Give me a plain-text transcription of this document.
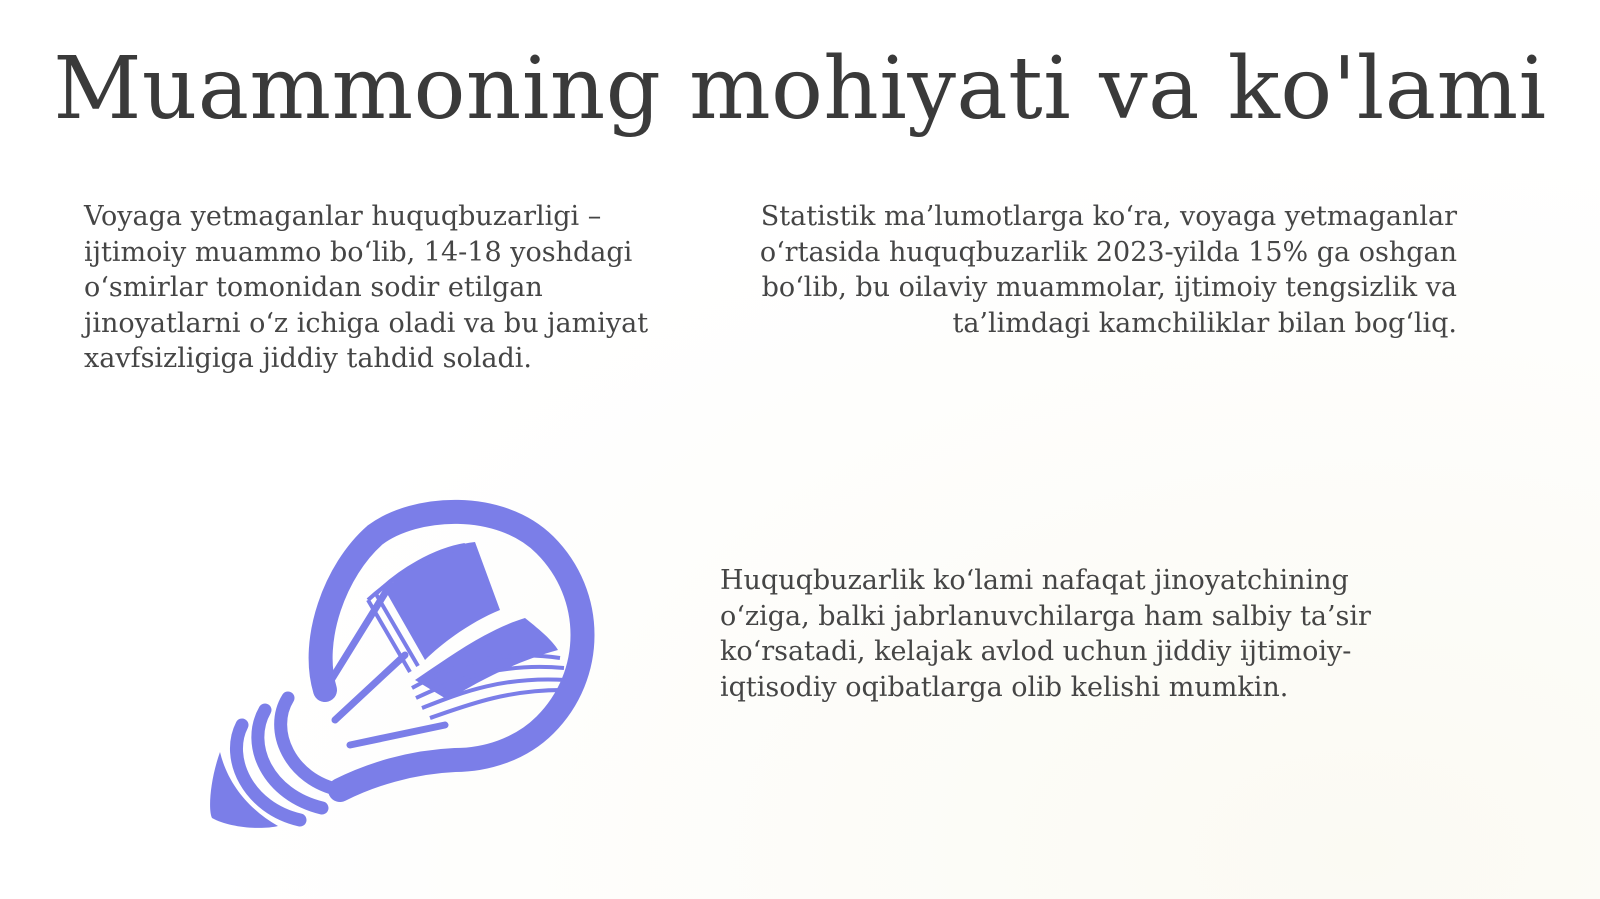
Muammoning mohiyati va ko'lami

Voyaga yetmaganlar huquqbuzarligi – ijtimoiy muammo bo‘lib, 14-18 yoshdagi o‘smirlar tomonidan sodir etilgan jinoyatlarni o‘z ichiga oladi va bu jamiyat xavfsizligiga jiddiy tahdid soladi.

Statistik ma’lumotlarga ko‘ra, voyaga yetmaganlar o‘rtasida huquqbuzarlik 2023-yilda 15% ga oshgan bo‘lib, bu oilaviy muammolar, ijtimoiy tengsizlik va ta’limdagi kamchiliklar bilan bog‘liq.

Huquqbuzarlik ko‘lami nafaqat jinoyatchining o‘ziga, balki jabrlanuvchilarga ham salbiy ta’sir ko‘rsatadi, kelajak avlod uchun jiddiy ijtimoiy-iqtisodiy oqibatlarga olib kelishi mumkin.
